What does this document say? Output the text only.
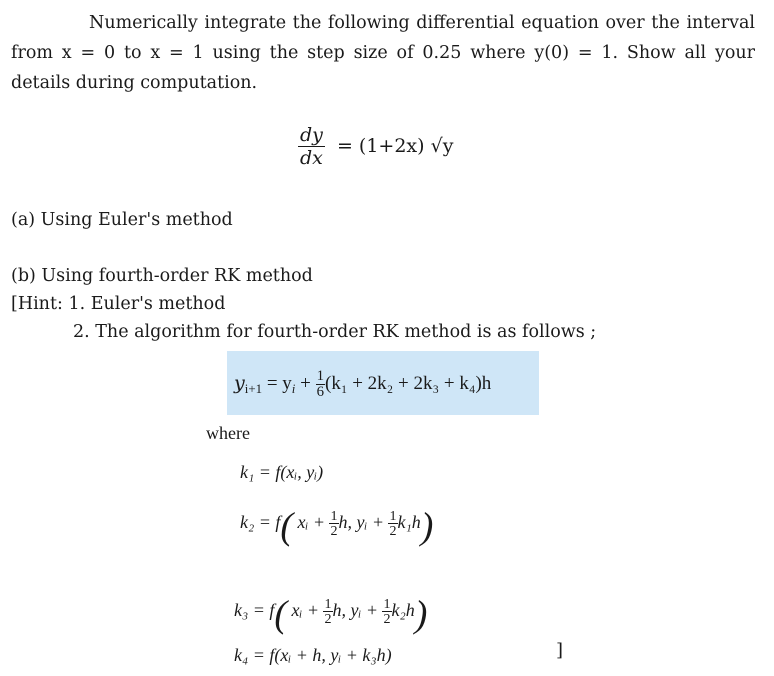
Numerically integrate the following differential equation over the interval
from x = 0 to x = 1 using the step size of 0.25 where y(0) = 1. Show all your
details during computation.
$\frac{dy}{dx} = (1+2x)$ √y
(a) Using Euler's method
(b) Using fourth-order RK method
[Hint: 1. Euler's method
2. The algorithm for fourth-order RK method is as follows ;
$y_{i+1} = y_i + \frac{1}{6} (k_1 + 2k_2 + 2k_3 + k_4)h$
where
k₁ = f(xᵢ, yᵢ)
k₂ = f( xᵢ + $\frac{1}{2} h$, yᵢ + $\frac{1}{2} k_1h$)
k₃ = f( xᵢ + $\frac{1}{2} h$, yᵢ + $\frac{1}{2} k_2h$)
k₄ = f(xᵢ + h, yᵢ + k₃h)	]
